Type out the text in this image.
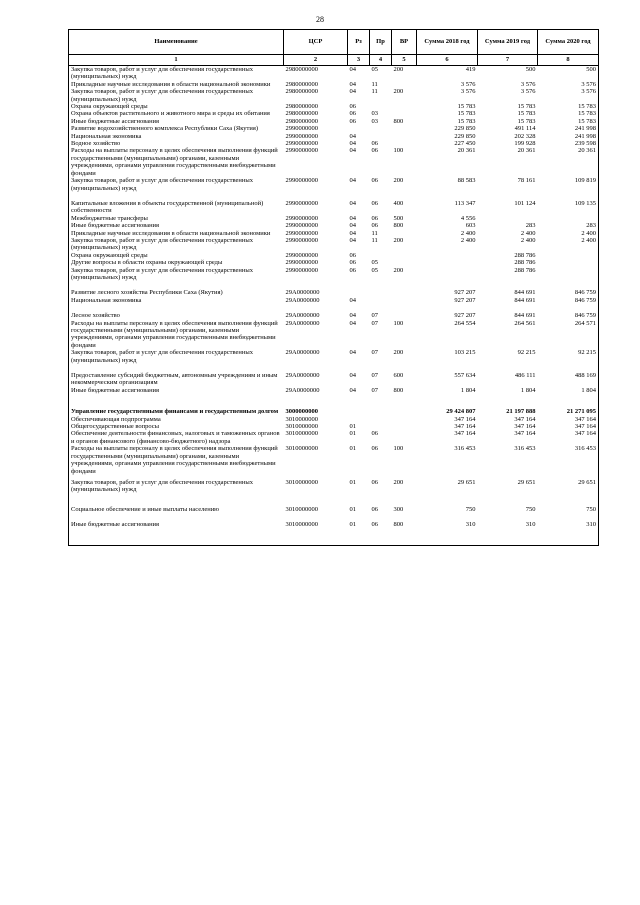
28
Наименование	ЦСР	Рз	Пр	ВР	Сумма 2018 год	Сумма 2019 год	Сумма 2020 год
1	2	3	4	5	6	7	8
Закупка товаров, работ и услуг для обеспечения государственных (муниципальных) нужд	2980000000	04	05	200	419	500	500
Прикладные научные исследования в области национальной экономики	2980000000	04	11		3 576	3 576	3 576
Закупка товаров, работ и услуг для обеспечения государственных (муниципальных) нужд	2980000000	04	11	200	3 576	3 576	3 576
Охрана окружающей среды	2980000000	06			15 783	15 783	15 783
Охрана объектов растительного и животного мира и среды их обитания	2980000000	06	03		15 783	15 783	15 783
Иные бюджетные ассигнования	2980000000	06	03	800	15 783	15 783	15 783
Развитие водохозяйственного комплекса Республики Саха (Якутия)	2990000000				229 850	491 114	241 998
Национальная экономика	2990000000	04			229 850	202 328	241 998
Водное хозяйство	2990000000	04	06		227 450	199 928	239 598
Расходы на выплаты персоналу в целях обеспечения выполнения функций государственными (муниципальными) органами, казенными учреждениями, органами управления государственными внебюджетными фондами	2990000000	04	06	100	20 361	20 361	20 361
Закупка товаров, работ и услуг для обеспечения государственных (муниципальных) нужд	2990000000	04	06	200	88 583	78 161	109 819
Капитальные вложения в объекты государственной (муниципальной) собственности	2990000000	04	06	400	113 347	101 124	109 135
Межбюджетные трансферы	2990000000	04	06	500	4 556		
Иные бюджетные ассигнования	2990000000	04	06	800	603	283	283
Прикладные научные исследования в области национальной экономики	2990000000	04	11		2 400	2 400	2 400
Закупка товаров, работ и услуг для обеспечения государственных (муниципальных) нужд	2990000000	04	11	200	2 400	2 400	2 400
Охрана окружающей среды	2990000000	06				288 786	
Другие вопросы в области охраны окружающей среды	2990000000	06	05			288 786	
Закупка товаров, работ и услуг для обеспечения государственных (муниципальных) нужд	2990000000	06	05	200		288 786	
Развитие лесного хозяйства Республики Саха (Якутия)	29А0000000				927 207	844 691	846 759
Национальная экономика	29А0000000	04			927 207	844 691	846 759
Лесное хозяйство	29А0000000	04	07		927 207	844 691	846 759
Расходы на выплаты персоналу в целях обеспечения выполнения функций государственными (муниципальными) органами, казенными учреждениями, органами управления государственными внебюджетными фондами	29А0000000	04	07	100	264 554	264 561	264 571
Закупка товаров, работ и услуг для обеспечения государственных (муниципальных) нужд	29А0000000	04	07	200	103 215	92 215	92 215
Предоставление субсидий бюджетным, автономным учреждениям и иным некоммерческим организациям	29А0000000	04	07	600	557 634	486 111	488 169
Иные бюджетные ассигнования	29А0000000	04	07	800	1 804	1 804	1 804
Управление государственными финансами и государственным долгом	3000000000				29 424 807	21 197 888	21 271 095
Обеспечивающая подпрограмма	3010000000				347 164	347 164	347 164
Общегосударственные вопросы	3010000000	01			347 164	347 164	347 164
Обеспечение деятельности финансовых, налоговых и таможенных органов и органов финансового (финансово-бюджетного) надзора	3010000000	01	06		347 164	347 164	347 164
Расходы на выплаты персоналу в целях обеспечения выполнения функций государственными (муниципальными) органами, казенными учреждениями, органами управления государственными внебюджетными фондами	3010000000	01	06	100	316 453	316 453	316 453
Закупка товаров, работ и услуг для обеспечения государственных (муниципальных) нужд	3010000000	01	06	200	29 651	29 651	29 651
Социальное обеспечение и иные выплаты населению	3010000000	01	06	300	750	750	750
Иные бюджетные ассигнования	3010000000	01	06	800	310	310	310
